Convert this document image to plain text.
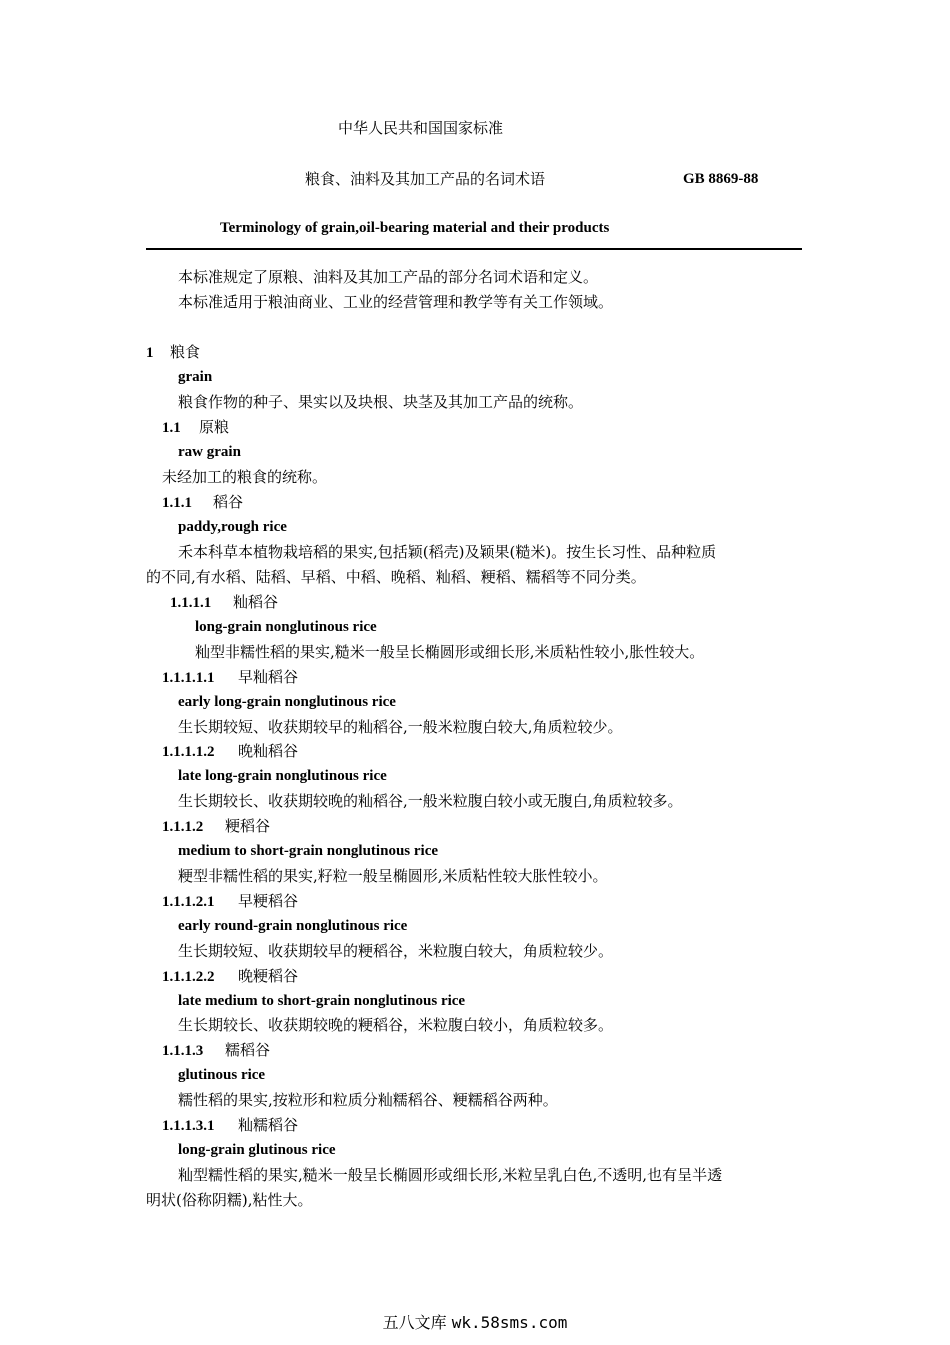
中华人民共和国国家标准
粮食、油料及其加工产品的名词术语	GB 8869-88
Terminology of grain,oil-bearing material and their products
本标准规定了原粮、油料及其加工产品的部分名词术语和定义。
本标准适用于粮油商业、工业的经营管理和教学等有关工作领域。
1 粮食
grain
粮食作物的种子、果实以及块根、块茎及其加工产品的统称。
1.1 原粮
raw grain
未经加工的粮食的统称。
1.1.1 稻谷
paddy,rough rice
禾本科草本植物栽培稻的果实,包括颖(稻壳)及颖果(糙米)。按生长习性、品种粒质
的不同,有水稻、陆稻、早稻、中稻、晚稻、籼稻、粳稻、糯稻等不同分类。
1.1.1.1 籼稻谷
long-grain nonglutinous rice
籼型非糯性稻的果实,糙米一般呈长椭圆形或细长形,米质粘性较小,胀性较大。
1.1.1.1.1 早籼稻谷
early long-grain nonglutinous rice
生长期较短、收获期较早的籼稻谷,一般米粒腹白较大,角质粒较少。
1.1.1.1.2 晚籼稻谷
late long-grain nonglutinous rice
生长期较长、收获期较晚的籼稻谷,一般米粒腹白较小或无腹白,角质粒较多。
1.1.1.2 粳稻谷
medium to short-grain nonglutinous rice
粳型非糯性稻的果实,籽粒一般呈椭圆形,米质粘性较大胀性较小。
1.1.1.2.1 早粳稻谷
early round-grain nonglutinous rice
生长期较短、收获期较早的粳稻谷，米粒腹白较大，角质粒较少。
1.1.1.2.2 晚粳稻谷
late medium to short-grain nonglutinous rice
生长期较长、收获期较晚的粳稻谷，米粒腹白较小，角质粒较多。
1.1.1.3 糯稻谷
glutinous rice
糯性稻的果实,按粒形和粒质分籼糯稻谷、粳糯稻谷两种。
1.1.1.3.1 籼糯稻谷
long-grain glutinous rice
籼型糯性稻的果实,糙米一般呈长椭圆形或细长形,米粒呈乳白色,不透明,也有呈半透
明状(俗称阴糯),粘性大。
五八文库 wk.58sms.com
